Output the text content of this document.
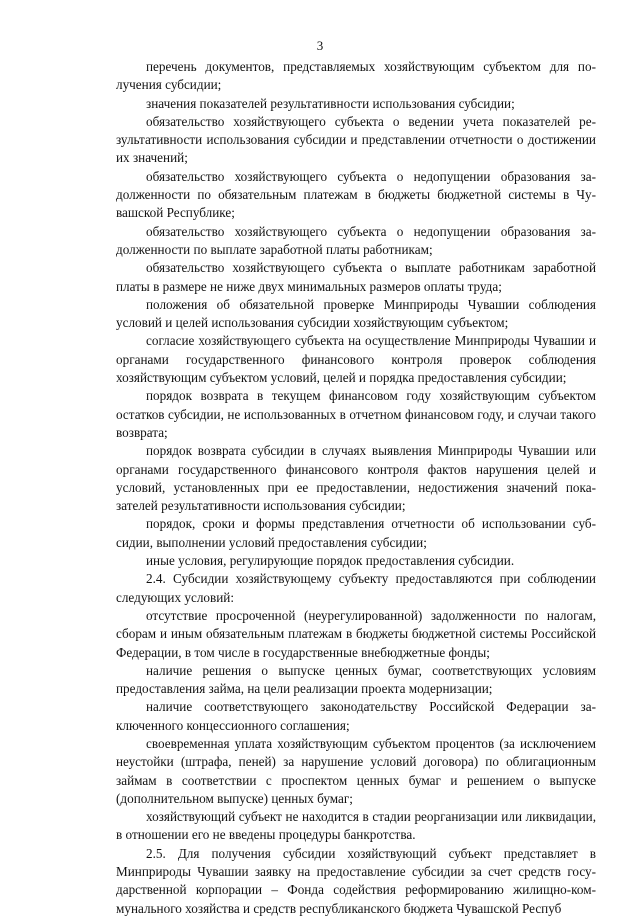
3

перечень документов, представляемых хозяйствующим субъектом для получения субсидии;

значения показателей результативности использования субсидии;

обязательство хозяйствующего субъекта о ведении учета показателей результативности использования субсидии и представлении отчетности о достижении их значений;

обязательство хозяйствующего субъекта о недопущении образования задолженности по обязательным платежам в бюджеты бюджетной системы в Чувашской Республике;

обязательство хозяйствующего субъекта о недопущении образования задолженности по выплате заработной платы работникам;

обязательство хозяйствующего субъекта о выплате работникам заработной платы в размере не ниже двух минимальных размеров оплаты труда;

положения об обязательной проверке Минприроды Чувашии соблюдения условий и целей использования субсидии хозяйствующим субъектом;

согласие хозяйствующего субъекта на осуществление Минприроды Чувашии и органами государственного финансового контроля проверок соблюдения хозяйствующим субъектом условий, целей и порядка предоставления субсидии;

порядок возврата в текущем финансовом году хозяйствующим субъектом остатков субсидии, не использованных в отчетном финансовом году, и случаи такого возврата;

порядок возврата субсидии в случаях выявления Минприроды Чувашии или органами государственного финансового контроля фактов нарушения целей и условий, установленных при ее предоставлении, недостижения значений показателей результативности использования субсидии;

порядок, сроки и формы представления отчетности об использовании субсидии, выполнении условий предоставления субсидии;

иные условия, регулирующие порядок предоставления субсидии.

2.4. Субсидии хозяйствующему субъекту предоставляются при соблюдении следующих условий:

отсутствие просроченной (неурегулированной) задолженности по налогам, сборам и иным обязательным платежам в бюджеты бюджетной системы Российской Федерации, в том числе в государственные внебюджетные фонды;

наличие решения о выпуске ценных бумаг, соответствующих условиям предоставления займа, на цели реализации проекта модернизации;

наличие соответствующего законодательству Российской Федерации заключенного концессионного соглашения;

своевременная уплата хозяйствующим субъектом процентов (за исключением неустойки (штрафа, пеней) за нарушение условий договора) по облигационным займам в соответствии с проспектом ценных бумаг и решением о выпуске (дополнительном выпуске) ценных бумаг;

хозяйствующий субъект не находится в стадии реорганизации или ликвидации, в отношении его не введены процедуры банкротства.

2.5. Для получения субсидии хозяйствующий субъект представляет в Минприроды Чувашии заявку на предоставление субсидии за счет средств государственной корпорации – Фонда содействия реформированию жилищно-коммунального хозяйства и средств республиканского бюджета Чувашской Респуб
